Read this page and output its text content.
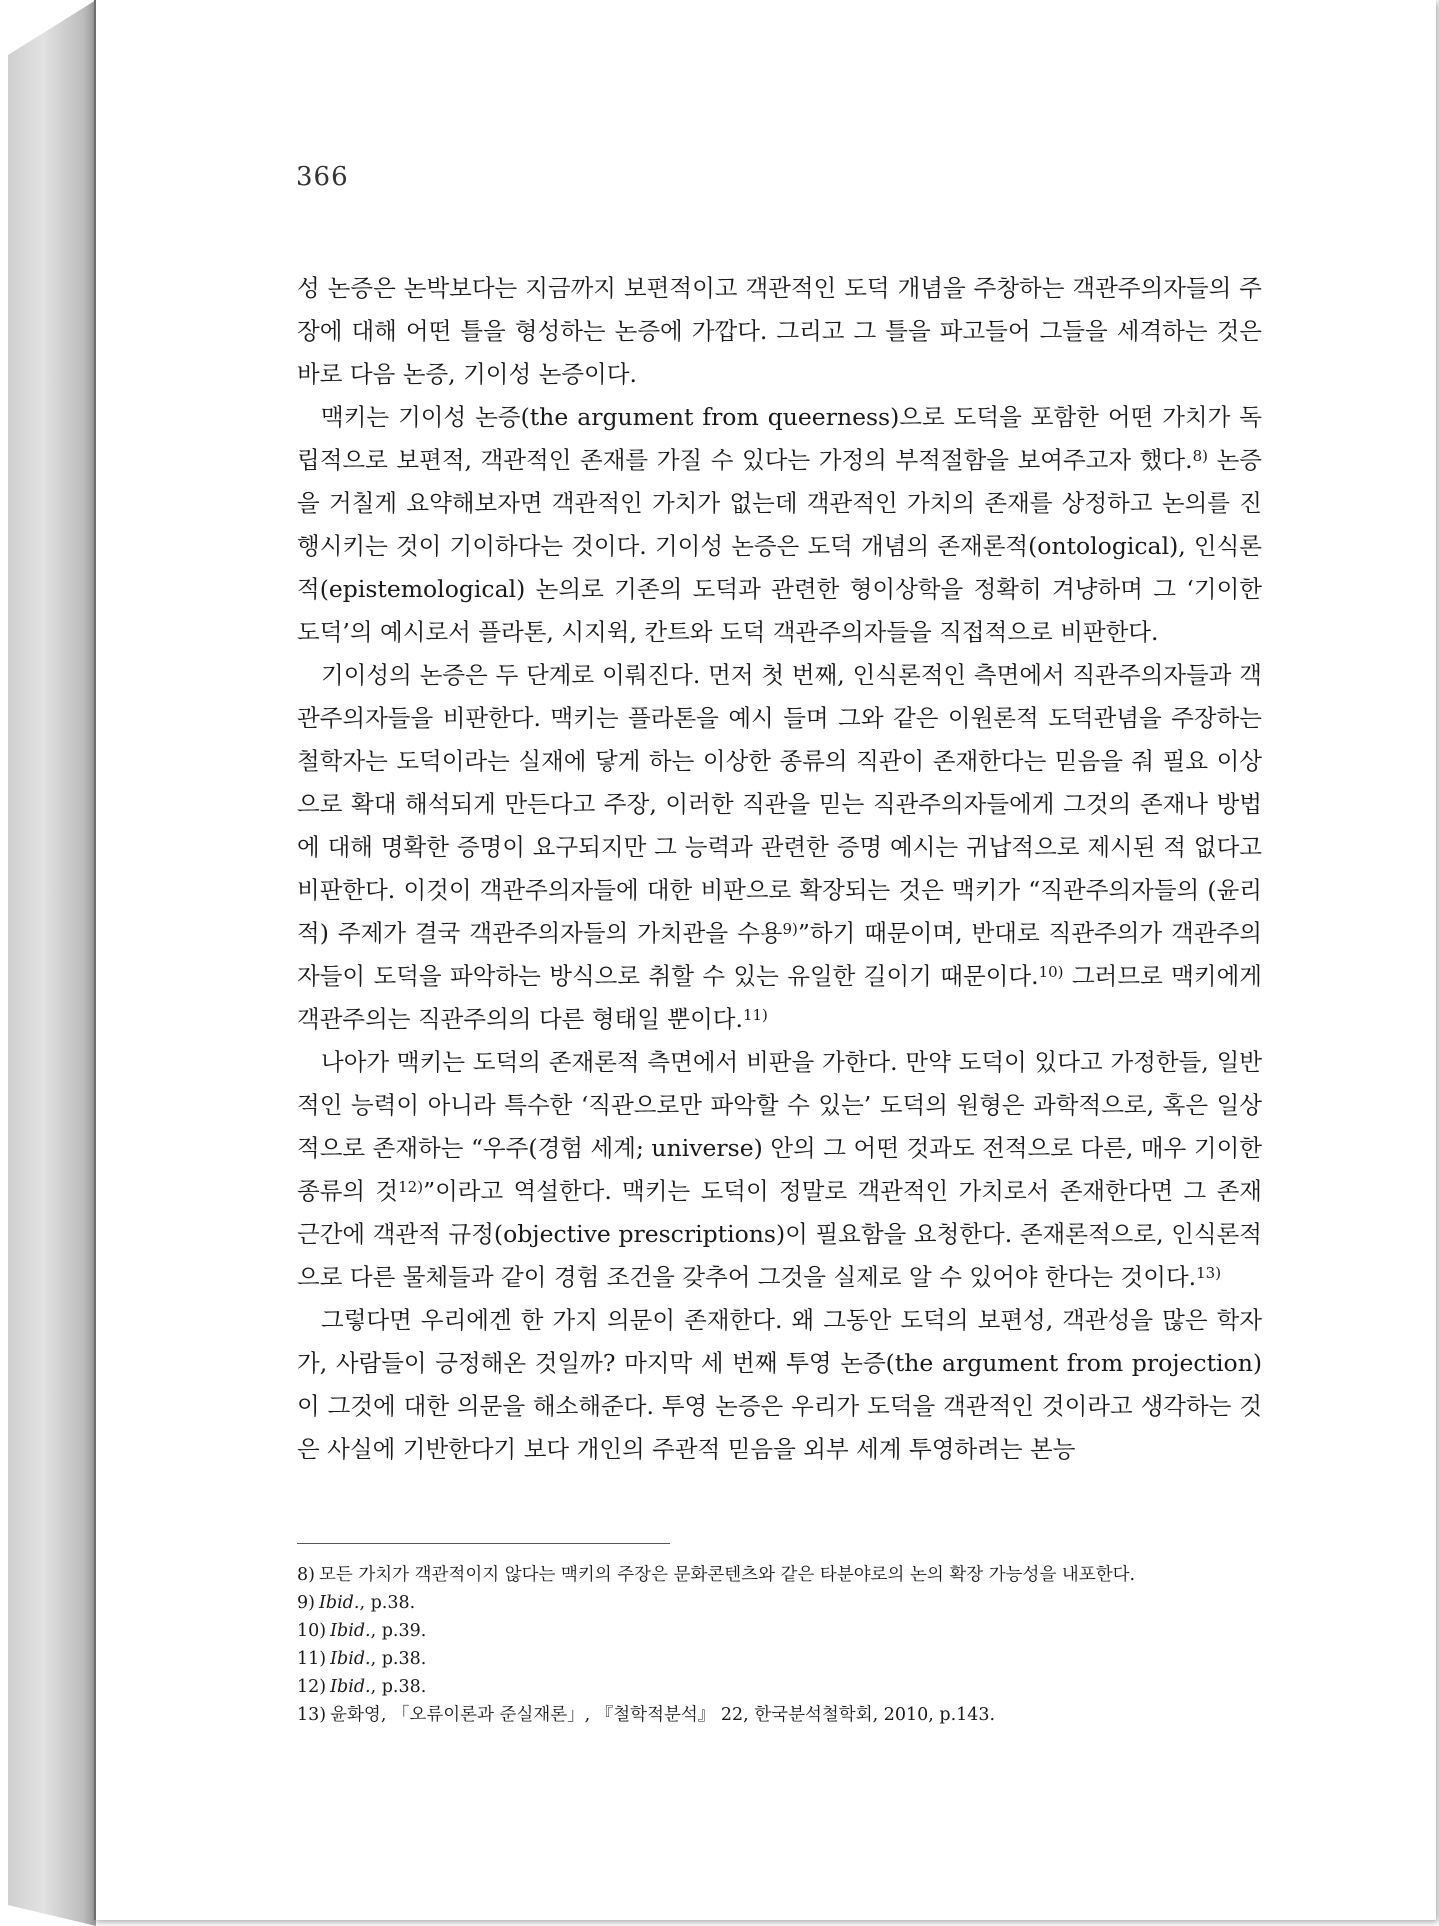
366

성 논증은 논박보다는 지금까지 보편적이고 객관적인 도덕 개념을 주창하는 객관주의자들의 주장에 대해 어떤 틀을 형성하는 논증에 가깝다. 그리고 그 틀을 파고들어 그들을 세격하는 것은 바로 다음 논증, 기이성 논증이다.

맥키는 기이성 논증(the argument from queerness)으로 도덕을 포함한 어떤 가치가 독립적으로 보편적, 객관적인 존재를 가질 수 있다는 가정의 부적절함을 보여주고자 했다.$^{8)}$ 논증을 거칠게 요약해보자면 객관적인 가치가 없는데 객관적인 가치의 존재를 상정하고 논의를 진행시키는 것이 기이하다는 것이다. 기이성 논증은 도덕 개념의 존재론적(ontological), 인식론적(epistemological) 논의로 기존의 도덕과 관련한 형이상학을 정확히 겨냥하며 그 ‘기이한 도덕’의 예시로서 플라톤, 시지윅, 칸트와 도덕 객관주의자들을 직접적으로 비판한다.

기이성의 논증은 두 단계로 이뤄진다. 먼저 첫 번째, 인식론적인 측면에서 직관주의자들과 객관주의자들을 비판한다. 맥키는 플라톤을 예시 들며 그와 같은 이원론적 도덕관념을 주장하는 철학자는 도덕이라는 실재에 닿게 하는 이상한 종류의 직관이 존재한다는 믿음을 줘 필요 이상으로 확대 해석되게 만든다고 주장, 이러한 직관을 믿는 직관주의자들에게 그것의 존재나 방법에 대해 명확한 증명이 요구되지만 그 능력과 관련한 증명 예시는 귀납적으로 제시된 적 없다고 비판한다. 이것이 객관주의자들에 대한 비판으로 확장되는 것은 맥키가 “직관주의자들의 (윤리적) 주제가 결국 객관주의자들의 가치관을 수용$^{9)}$”하기 때문이며, 반대로 직관주의가 객관주의자들이 도덕을 파악하는 방식으로 취할 수 있는 유일한 길이기 때문이다.$^{10)}$ 그러므로 맥키에게 객관주의는 직관주의의 다른 형태일 뿐이다.$^{11)}$

나아가 맥키는 도덕의 존재론적 측면에서 비판을 가한다. 만약 도덕이 있다고 가정한들, 일반적인 능력이 아니라 특수한 ‘직관으로만 파악할 수 있는’ 도덕의 원형은 과학적으로, 혹은 일상적으로 존재하는 “우주(경험 세계; universe) 안의 그 어떤 것과도 전적으로 다른, 매우 기이한 종류의 것$^{12)}$”이라고 역설한다. 맥키는 도덕이 정말로 객관적인 가치로서 존재한다면 그 존재 근간에 객관적 규정(objective prescriptions)이 필요함을 요청한다. 존재론적으로, 인식론적으로 다른 물체들과 같이 경험 조건을 갖추어 그것을 실제로 알 수 있어야 한다는 것이다.$^{13)}$

그렇다면 우리에겐 한 가지 의문이 존재한다. 왜 그동안 도덕의 보편성, 객관성을 많은 학자가, 사람들이 긍정해온 것일까? 마지막 세 번째 투영 논증(the argument from projection)이 그것에 대한 의문을 해소해준다. 투영 논증은 우리가 도덕을 객관적인 것이라고 생각하는 것은 사실에 기반한다기 보다 개인의 주관적 믿음을 외부 세계 투영하려는 본능

8) 모든 가치가 객관적이지 않다는 맥키의 주장은 문화콘텐츠와 같은 타분야로의 논의 확장 가능성을 내포한다.
9) Ibid., p.38.
10) Ibid., p.39.
11) Ibid., p.38.
12) Ibid., p.38.
13) 윤화영, 「오류이론과 준실재론」, 『철학적분석』 22, 한국분석철학회, 2010, p.143.
